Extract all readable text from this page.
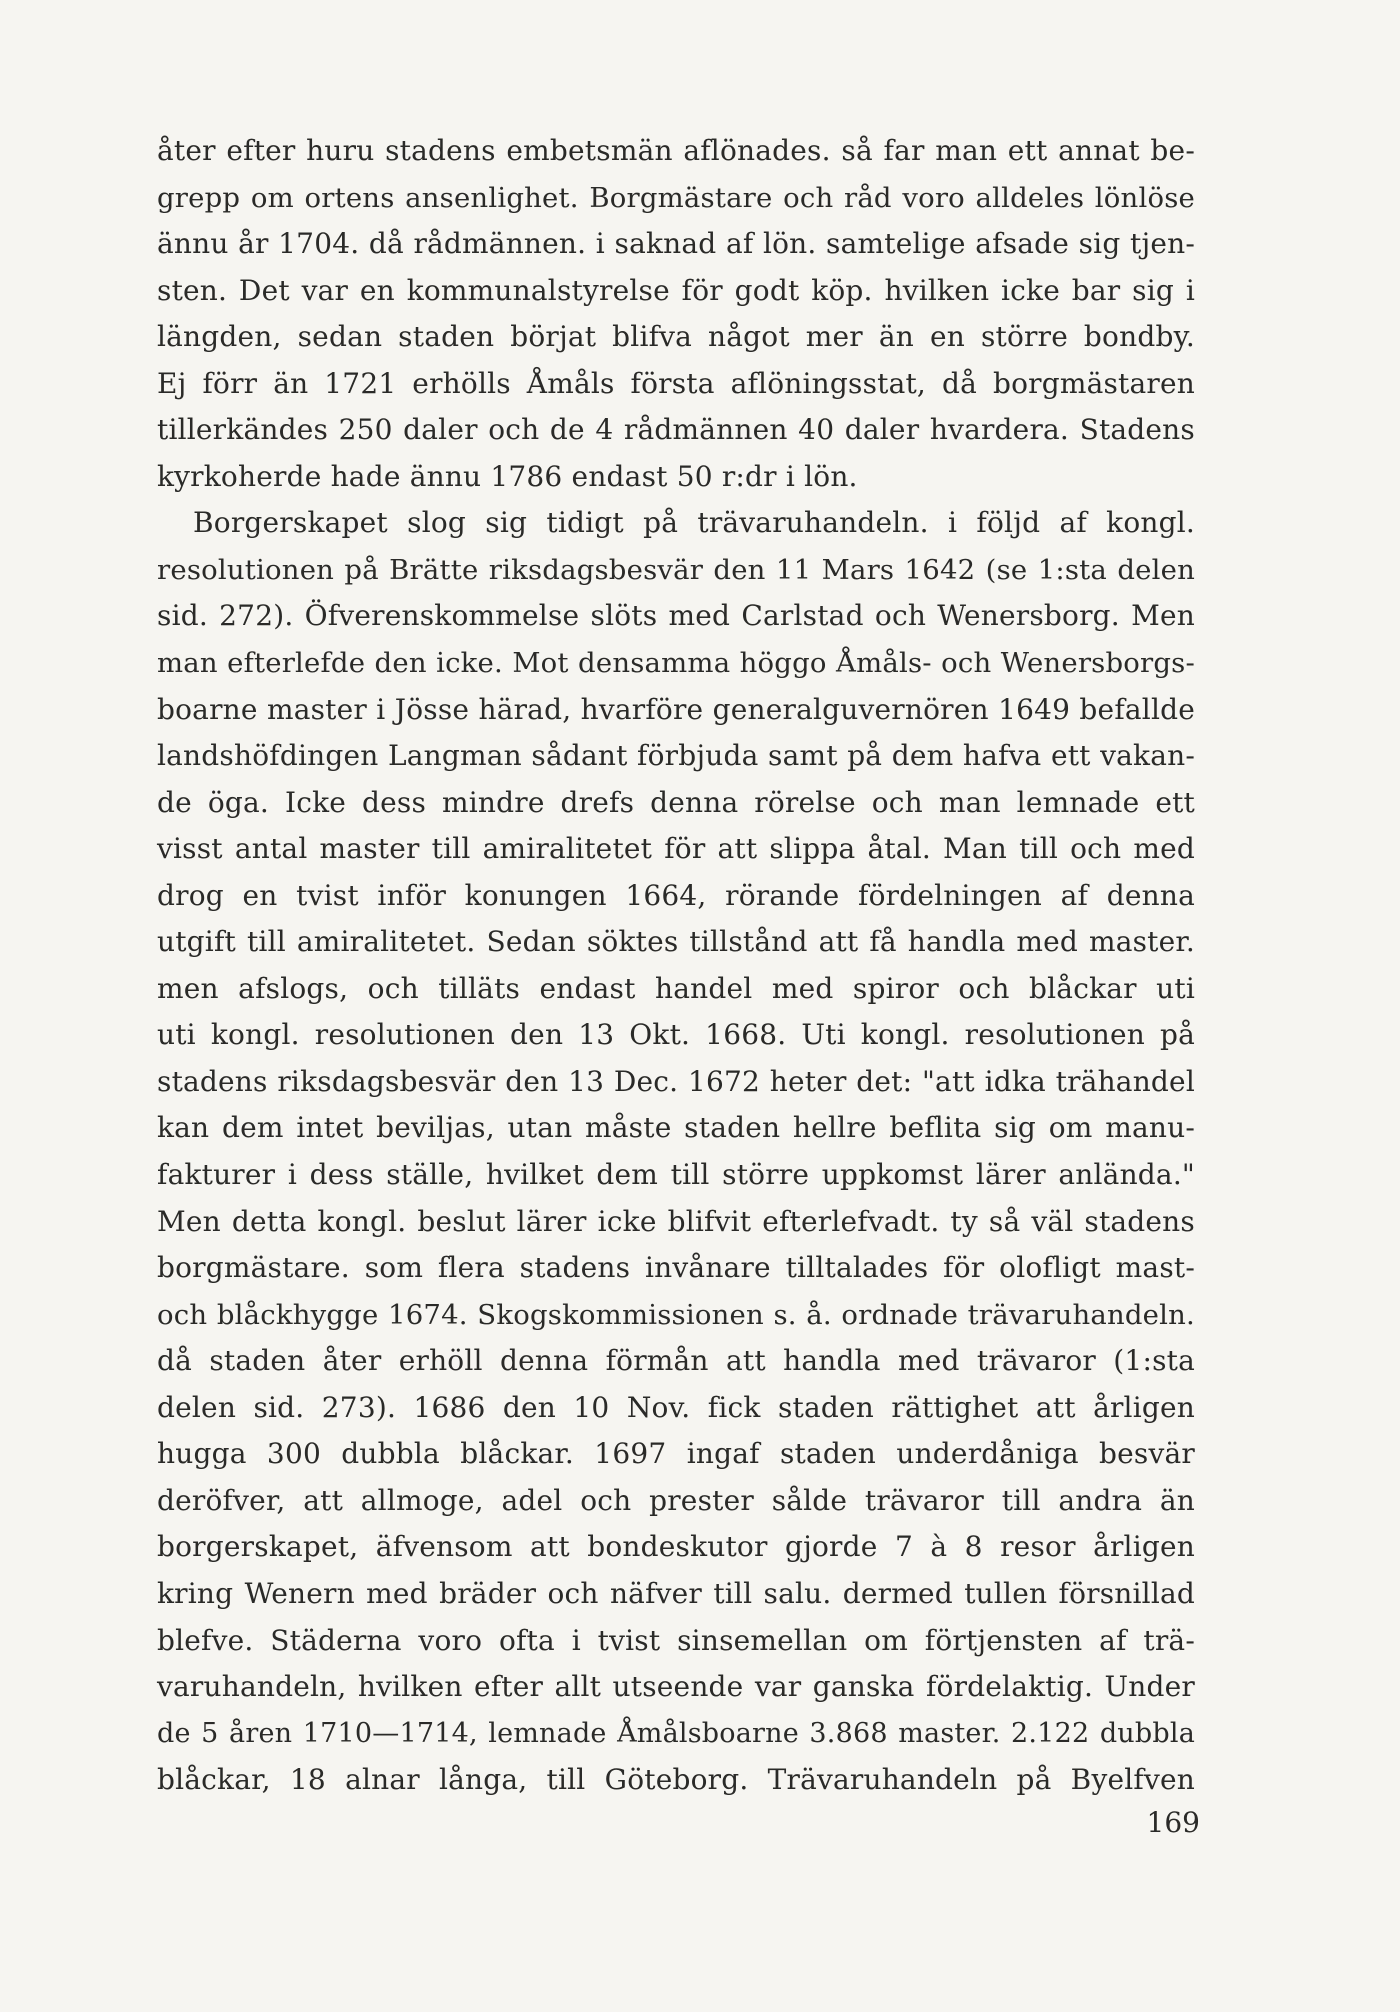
åter efter huru stadens embetsmän aflönades. så far man ett annat be-
grepp om ortens ansenlighet. Borgmästare och råd voro alldeles lönlöse
ännu år 1704. då rådmännen. i saknad af lön. samtelige afsade sig tjen-
sten. Det var en kommunalstyrelse för godt köp. hvilken icke bar sig i
längden, sedan staden börjat blifva något mer än en större bondby.
Ej förr än 1721 erhölls Åmåls första aflöningsstat, då borgmästaren
tillerkändes 250 daler och de 4 rådmännen 40 daler hvardera. Stadens
kyrkoherde hade ännu 1786 endast 50 r:dr i lön.
Borgerskapet slog sig tidigt på trävaruhandeln. i följd af kongl.
resolutionen på Brätte riksdagsbesvär den 11 Mars 1642 (se 1:sta delen
sid. 272). Öfverenskommelse slöts med Carlstad och Wenersborg. Men
man efterlefde den icke. Mot densamma höggo Åmåls- och Wenersborgs-
boarne master i Jösse härad, hvarföre generalguvernören 1649 befallde
landshöfdingen Langman sådant förbjuda samt på dem hafva ett vakan-
de öga. Icke dess mindre drefs denna rörelse och man lemnade ett
visst antal master till amiralitetet för att slippa åtal. Man till och med
drog en tvist inför konungen 1664, rörande fördelningen af denna
utgift till amiralitetet. Sedan söktes tillstånd att få handla med master.
men afslogs, och tilläts endast handel med spiror och blåckar uti
uti kongl. resolutionen den 13 Okt. 1668. Uti kongl. resolutionen på
stadens riksdagsbesvär den 13 Dec. 1672 heter det: "att idka trähandel
kan dem intet beviljas, utan måste staden hellre beflita sig om manu-
fakturer i dess ställe, hvilket dem till större uppkomst lärer anlända."
Men detta kongl. beslut lärer icke blifvit efterlefvadt. ty så väl stadens
borgmästare. som flera stadens invånare tilltalades för olofligt mast-
och blåckhygge 1674. Skogskommissionen s. å. ordnade trävaruhandeln.
då staden åter erhöll denna förmån att handla med trävaror (1:sta
delen sid. 273). 1686 den 10 Nov. fick staden rättighet att årligen
hugga 300 dubbla blåckar. 1697 ingaf staden underdåniga besvär
deröfver, att allmoge, adel och prester sålde trävaror till andra än
borgerskapet, äfvensom att bondeskutor gjorde 7 à 8 resor årligen
kring Wenern med bräder och näfver till salu. dermed tullen försnillad
blefve. Städerna voro ofta i tvist sinsemellan om förtjensten af trä-
varuhandeln, hvilken efter allt utseende var ganska fördelaktig. Under
de 5 åren 1710—1714, lemnade Åmålsboarne 3.868 master. 2.122 dubbla
blåckar, 18 alnar långa, till Göteborg. Trävaruhandeln på Byelfven
169
